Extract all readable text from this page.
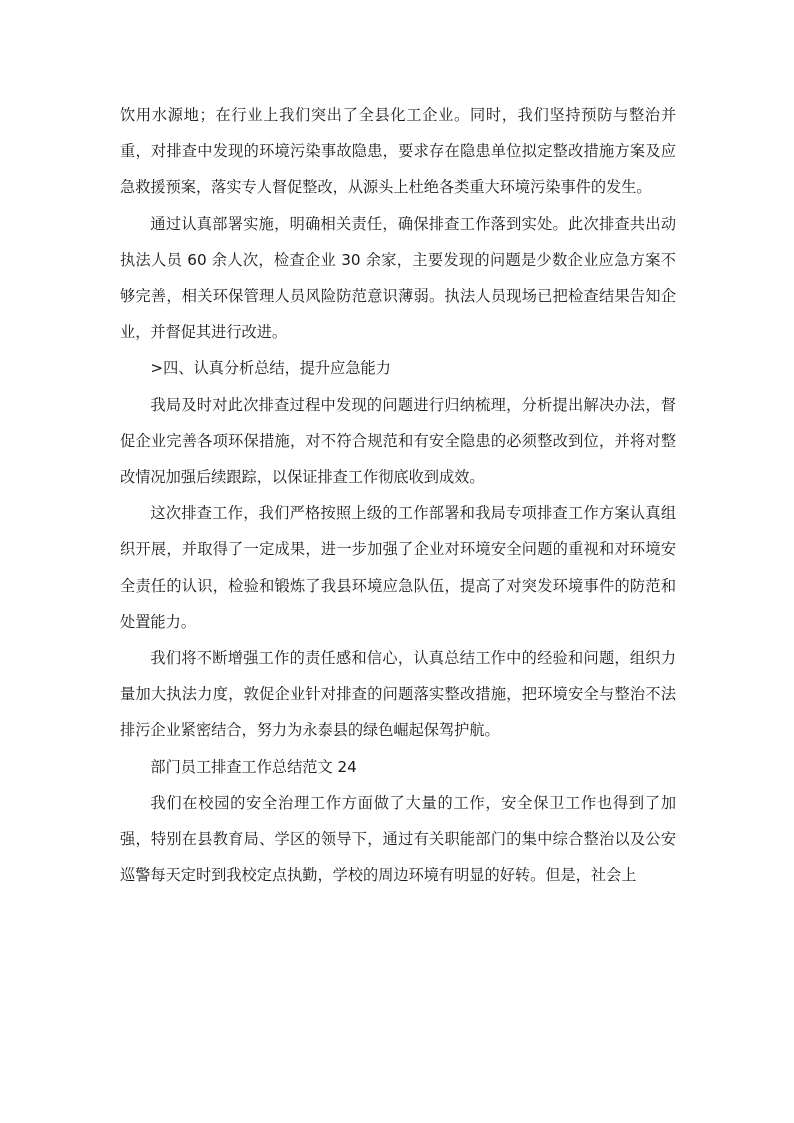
饮用水源地；在行业上我们突出了全县化工企业。同时，我们坚持预防与整治并重，对排查中发现的环境污染事故隐患，要求存在隐患单位拟定整改措施方案及应急救援预案，落实专人督促整改，从源头上杜绝各类重大环境污染事件的发生。

通过认真部署实施，明确相关责任，确保排查工作落到实处。此次排查共出动执法人员 60 余人次，检查企业 30 余家，主要发现的问题是少数企业应急方案不够完善，相关环保管理人员风险防范意识薄弱。执法人员现场已把检查结果告知企业，并督促其进行改进。

>四、认真分析总结，提升应急能力

我局及时对此次排查过程中发现的问题进行归纳梳理，分析提出解决办法，督促企业完善各项环保措施，对不符合规范和有安全隐患的必须整改到位，并将对整改情况加强后续跟踪，以保证排查工作彻底收到成效。

这次排查工作，我们严格按照上级的工作部署和我局专项排查工作方案认真组织开展，并取得了一定成果，进一步加强了企业对环境安全问题的重视和对环境安全责任的认识，检验和锻炼了我县环境应急队伍，提高了对突发环境事件的防范和处置能力。

我们将不断增强工作的责任感和信心，认真总结工作中的经验和问题，组织力量加大执法力度，敦促企业针对排查的问题落实整改措施，把环境安全与整治不法排污企业紧密结合，努力为永泰县的绿色崛起保驾护航。

部门员工排查工作总结范文 24

我们在校园的安全治理工作方面做了大量的工作，安全保卫工作也得到了加强，特别在县教育局、学区的领导下，通过有关职能部门的集中综合整治以及公安巡警每天定时到我校定点执勤，学校的周边环境有明显的好转。但是，社会上
